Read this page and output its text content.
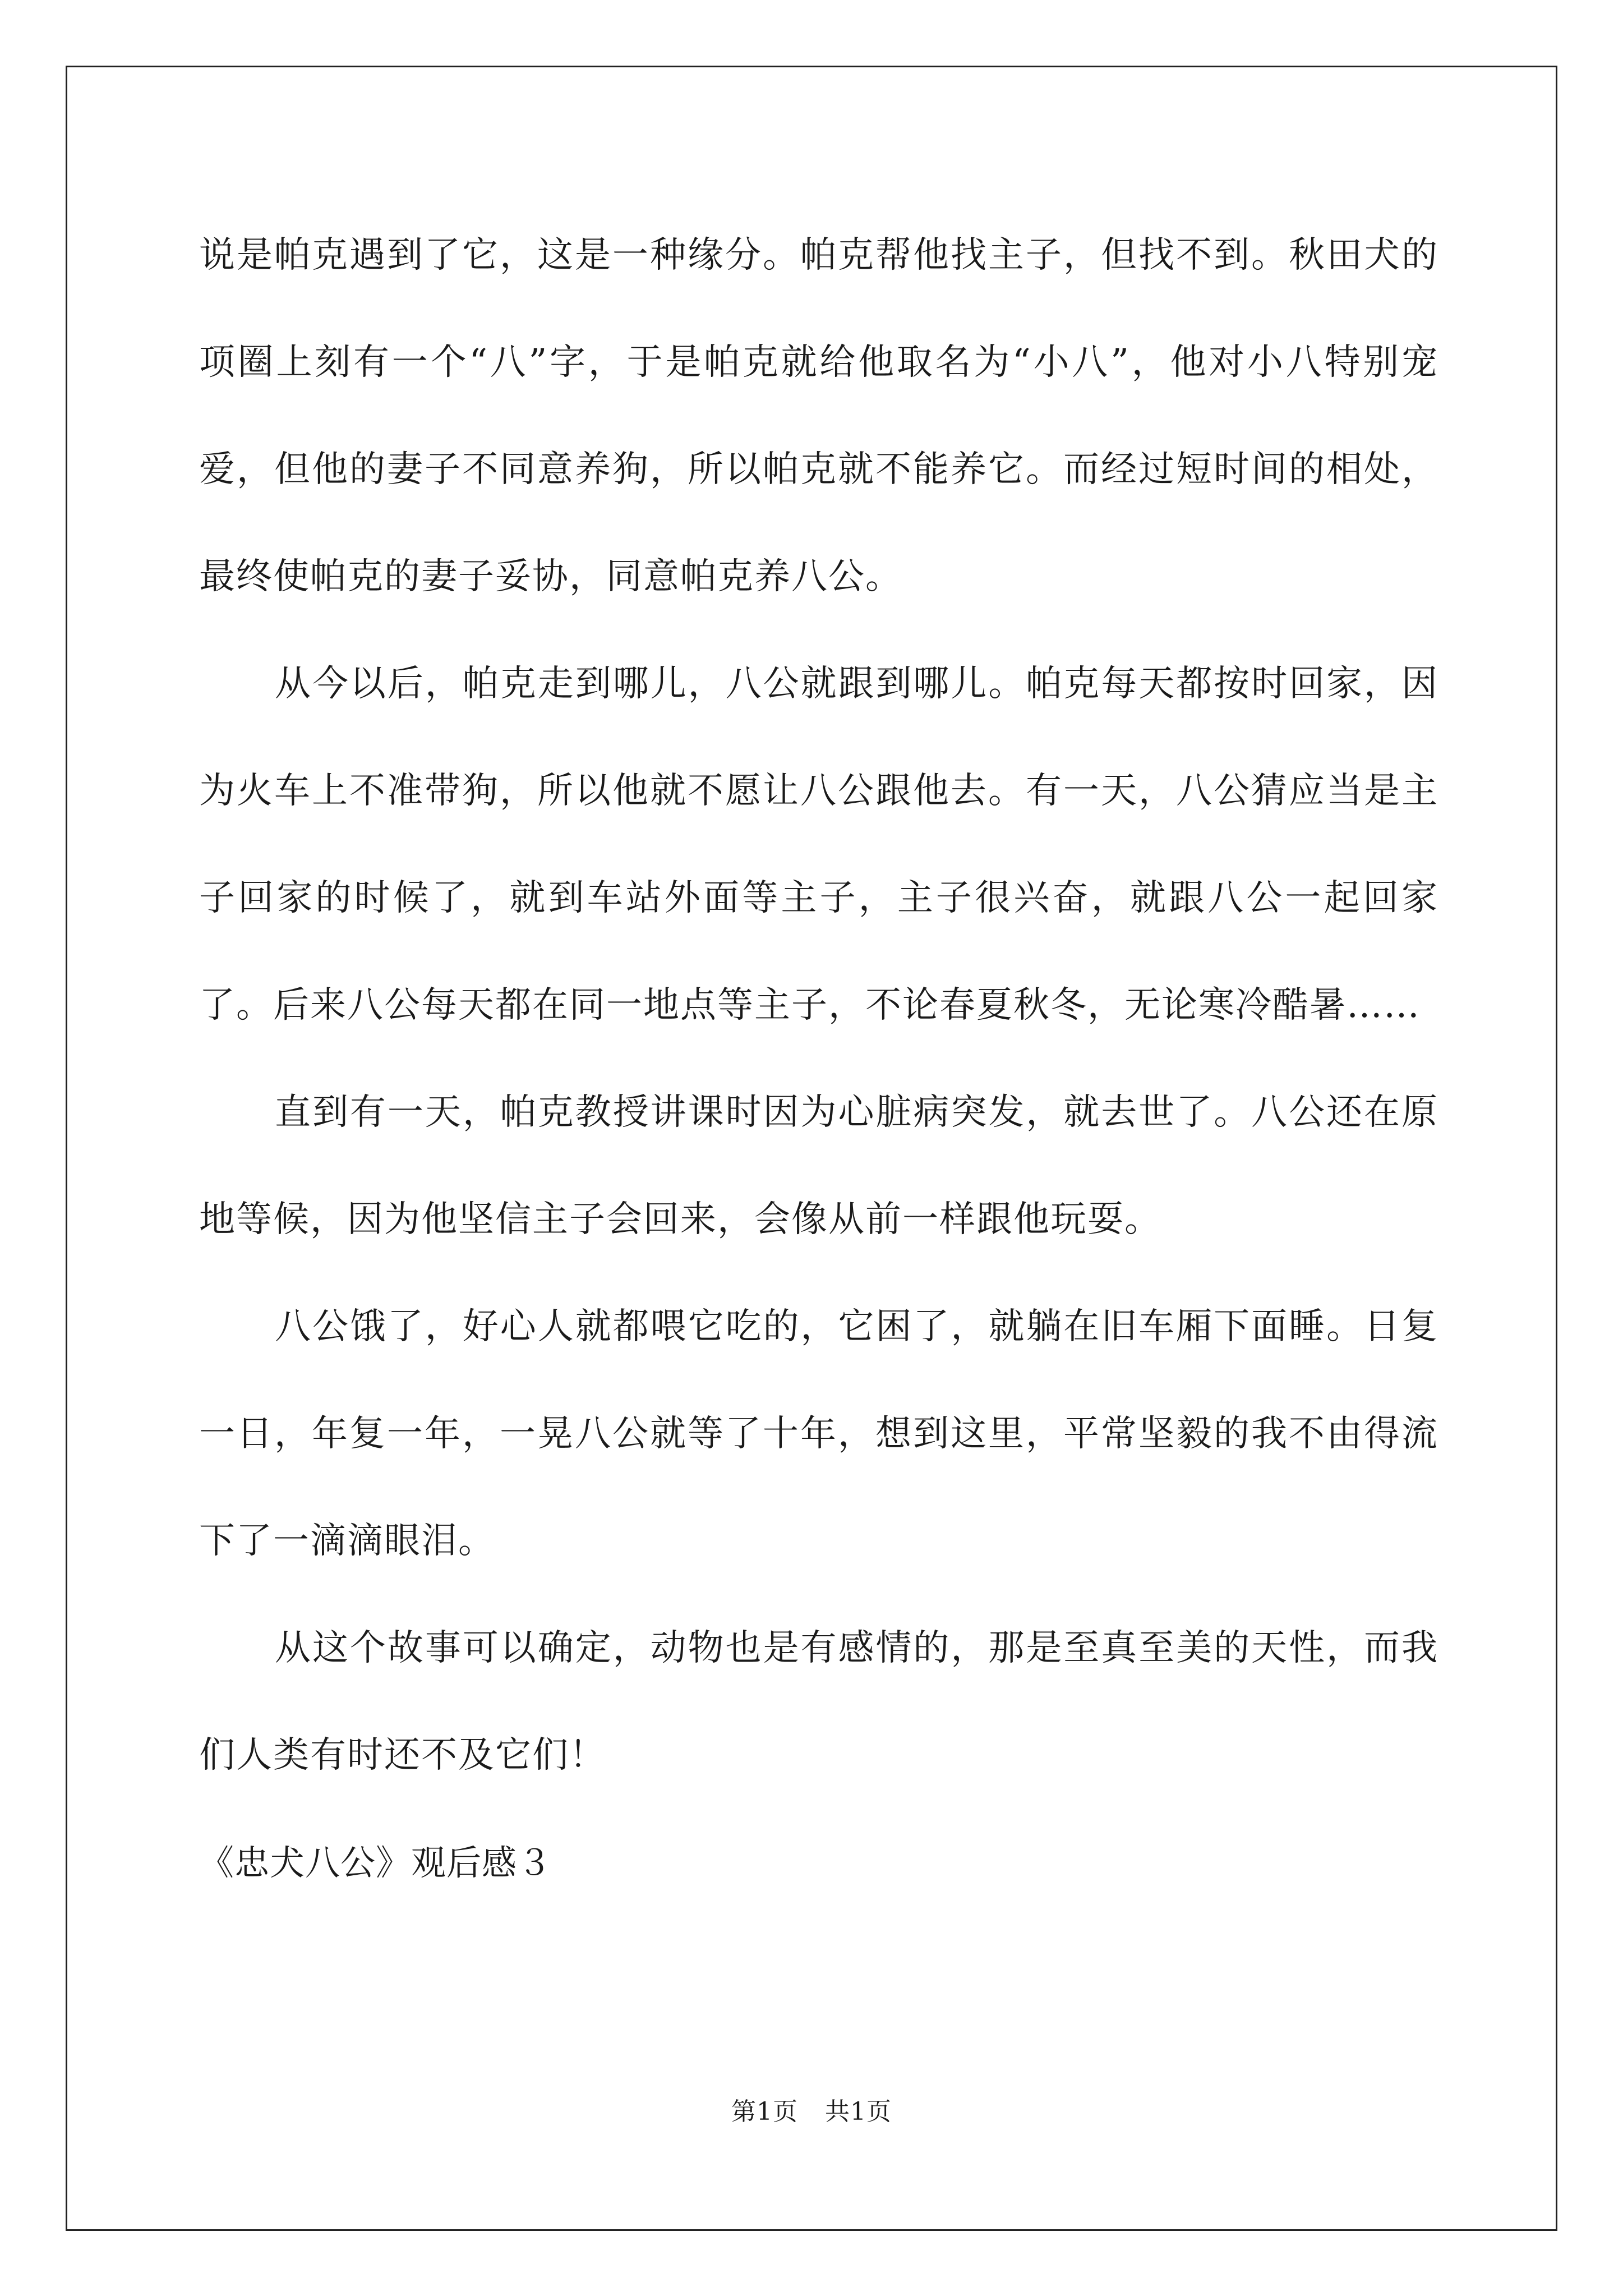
说是帕克遇到了它，这是一种缘分。帕克帮他找主子，但找不到。秋田犬的项圈上刻有一个“八”字，于是帕克就给他取名为“小八”，他对小八特别宠爱，但他的妻子不同意养狗，所以帕克就不能养它。而经过短时间的相处，最终使帕克的妻子妥协，同意帕克养八公。

从今以后，帕克走到哪儿，八公就跟到哪儿。帕克每天都按时回家，因为火车上不准带狗，所以他就不愿让八公跟他去。有一天，八公猜应当是主子回家的时候了，就到车站外面等主子，主子很兴奋，就跟八公一起回家了。后来八公每天都在同一地点等主子，不论春夏秋冬，无论寒冷酷暑……

直到有一天，帕克教授讲课时因为心脏病突发，就去世了。八公还在原地等候，因为他坚信主子会回来，会像从前一样跟他玩耍。

八公饿了，好心人就都喂它吃的，它困了，就躺在旧车厢下面睡。日复一日，年复一年，一晃八公就等了十年，想到这里，平常坚毅的我不由得流下了一滴滴眼泪。

从这个故事可以确定，动物也是有感情的，那是至真至美的天性，而我们人类有时还不及它们！

《忠犬八公》观后感３

第1页 共1页
